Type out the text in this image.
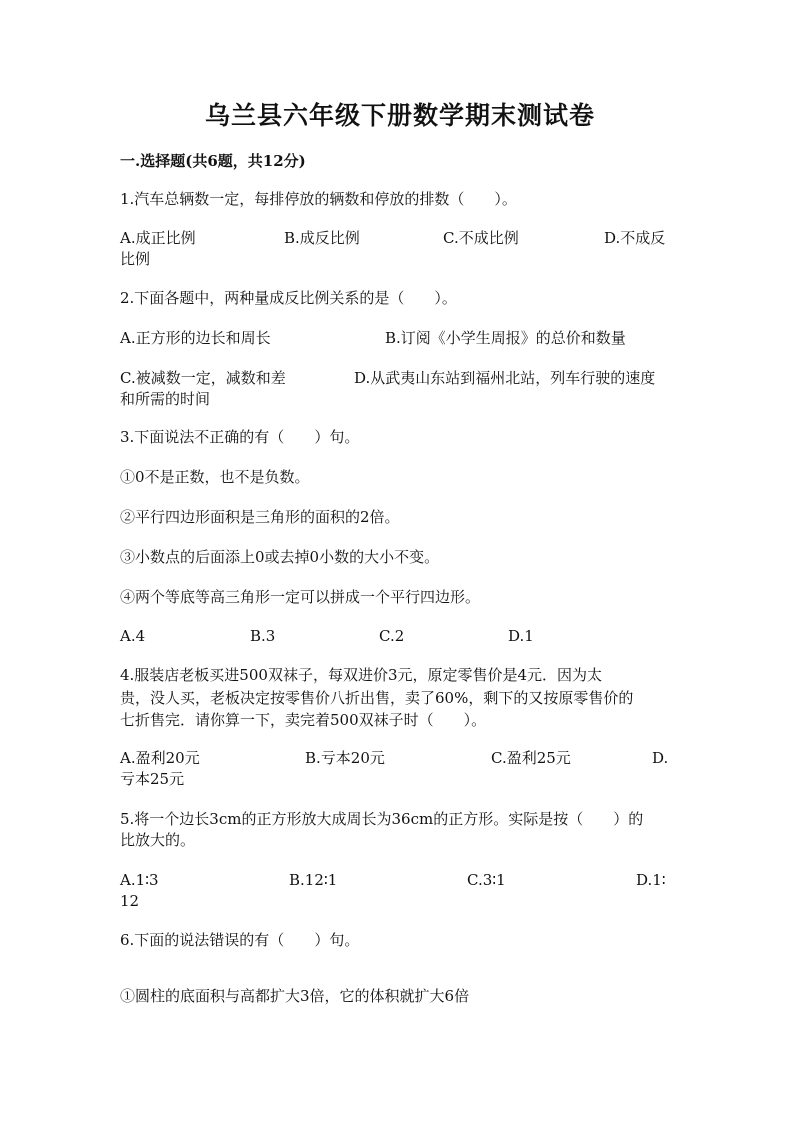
乌兰县六年级下册数学期末测试卷
一.选择题(共6题，共12分)
1.汽车总辆数一定，每排停放的辆数和停放的排数（　　）。
A.成正比例	B.成反比例	C.不成比例	D.不成反
比例
2.下面各题中，两种量成反比例关系的是（　　）。
A.正方形的边长和周长	B.订阅《小学生周报》的总价和数量
C.被减数一定，减数和差	D.从武夷山东站到福州北站，列车行驶的速度
和所需的时间
3.下面说法不正确的有（　　）句。
①0不是正数，也不是负数。
②平行四边形面积是三角形的面积的2倍。
③小数点的后面添上0或去掉0小数的大小不变。
④两个等底等高三角形一定可以拼成一个平行四边形。
A.4	B.3	C.2	D.1
4.服装店老板买进500双袜子，每双进价3元，原定零售价是4元．因为太
贵，没人买，老板决定按零售价八折出售，卖了60%，剩下的又按原零售价的
七折售完．请你算一下，卖完着500双袜子时（　　）。
A.盈利20元	B.亏本20元	C.盈利25元	D.
亏本25元
5.将一个边长3cm的正方形放大成周长为36cm的正方形。实际是按（　　）的
比放大的。
A.1∶3	B.12∶1	C.3∶1	D.1∶
12
6.下面的说法错误的有（　　）句。
①圆柱的底面积与高都扩大3倍，它的体积就扩大6倍
